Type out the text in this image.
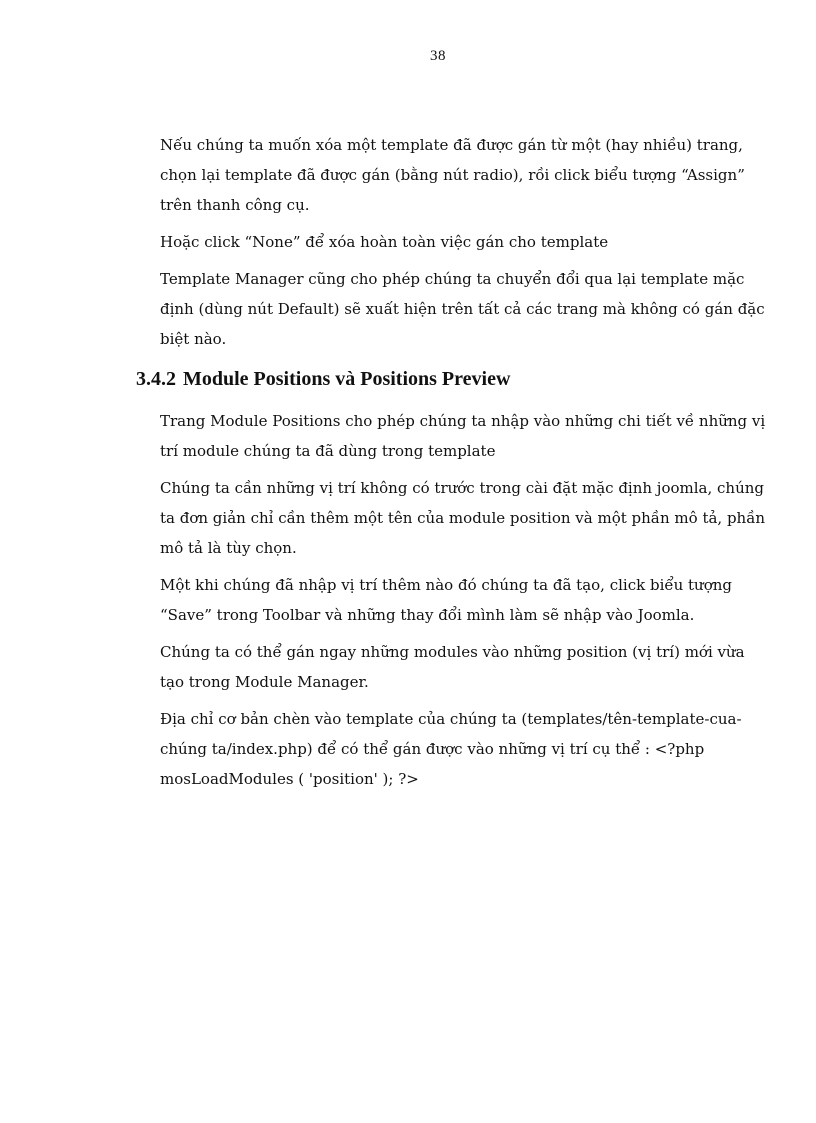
38

Nếu chúng ta muốn xóa một template đã được gán từ một (hay nhiều) trang,
chọn lại template đã được gán (bằng nút radio), rồi click biểu tượng “Assign”
trên thanh công cụ.

Hoặc click “None” để xóa hoàn toàn việc gán cho template

Template Manager cũng cho phép chúng ta chuyển đổi qua lại template mặc
định (dùng nút Default) sẽ xuất hiện trên tất cả các trang mà không có gán đặc
biệt nào.

3.4.2 Module Positions và Positions Preview

Trang Module Positions cho phép chúng ta nhập vào những chi tiết về những vị
trí module chúng ta đã dùng trong template

Chúng ta cần những vị trí không có trước trong cài đặt mặc định joomla, chúng
ta đơn giản chỉ cần thêm một tên của module position và một phần mô tả, phần
mô tả là tùy chọn.

Một khi chúng đã nhập vị trí thêm nào đó chúng ta đã tạo, click biểu tượng
“Save” trong Toolbar và những thay đổi mình làm sẽ nhập vào Joomla.

Chúng ta có thể gán ngay những modules vào những position (vị trí) mới vừa
tạo trong Module Manager.

Địa chỉ cơ bản chèn vào template của chúng ta (templates/tên-template-cua-
chúng ta/index.php) để có thể gán được vào những vị trí cụ thể : <?php
mosLoadModules ( 'position' ); ?>
